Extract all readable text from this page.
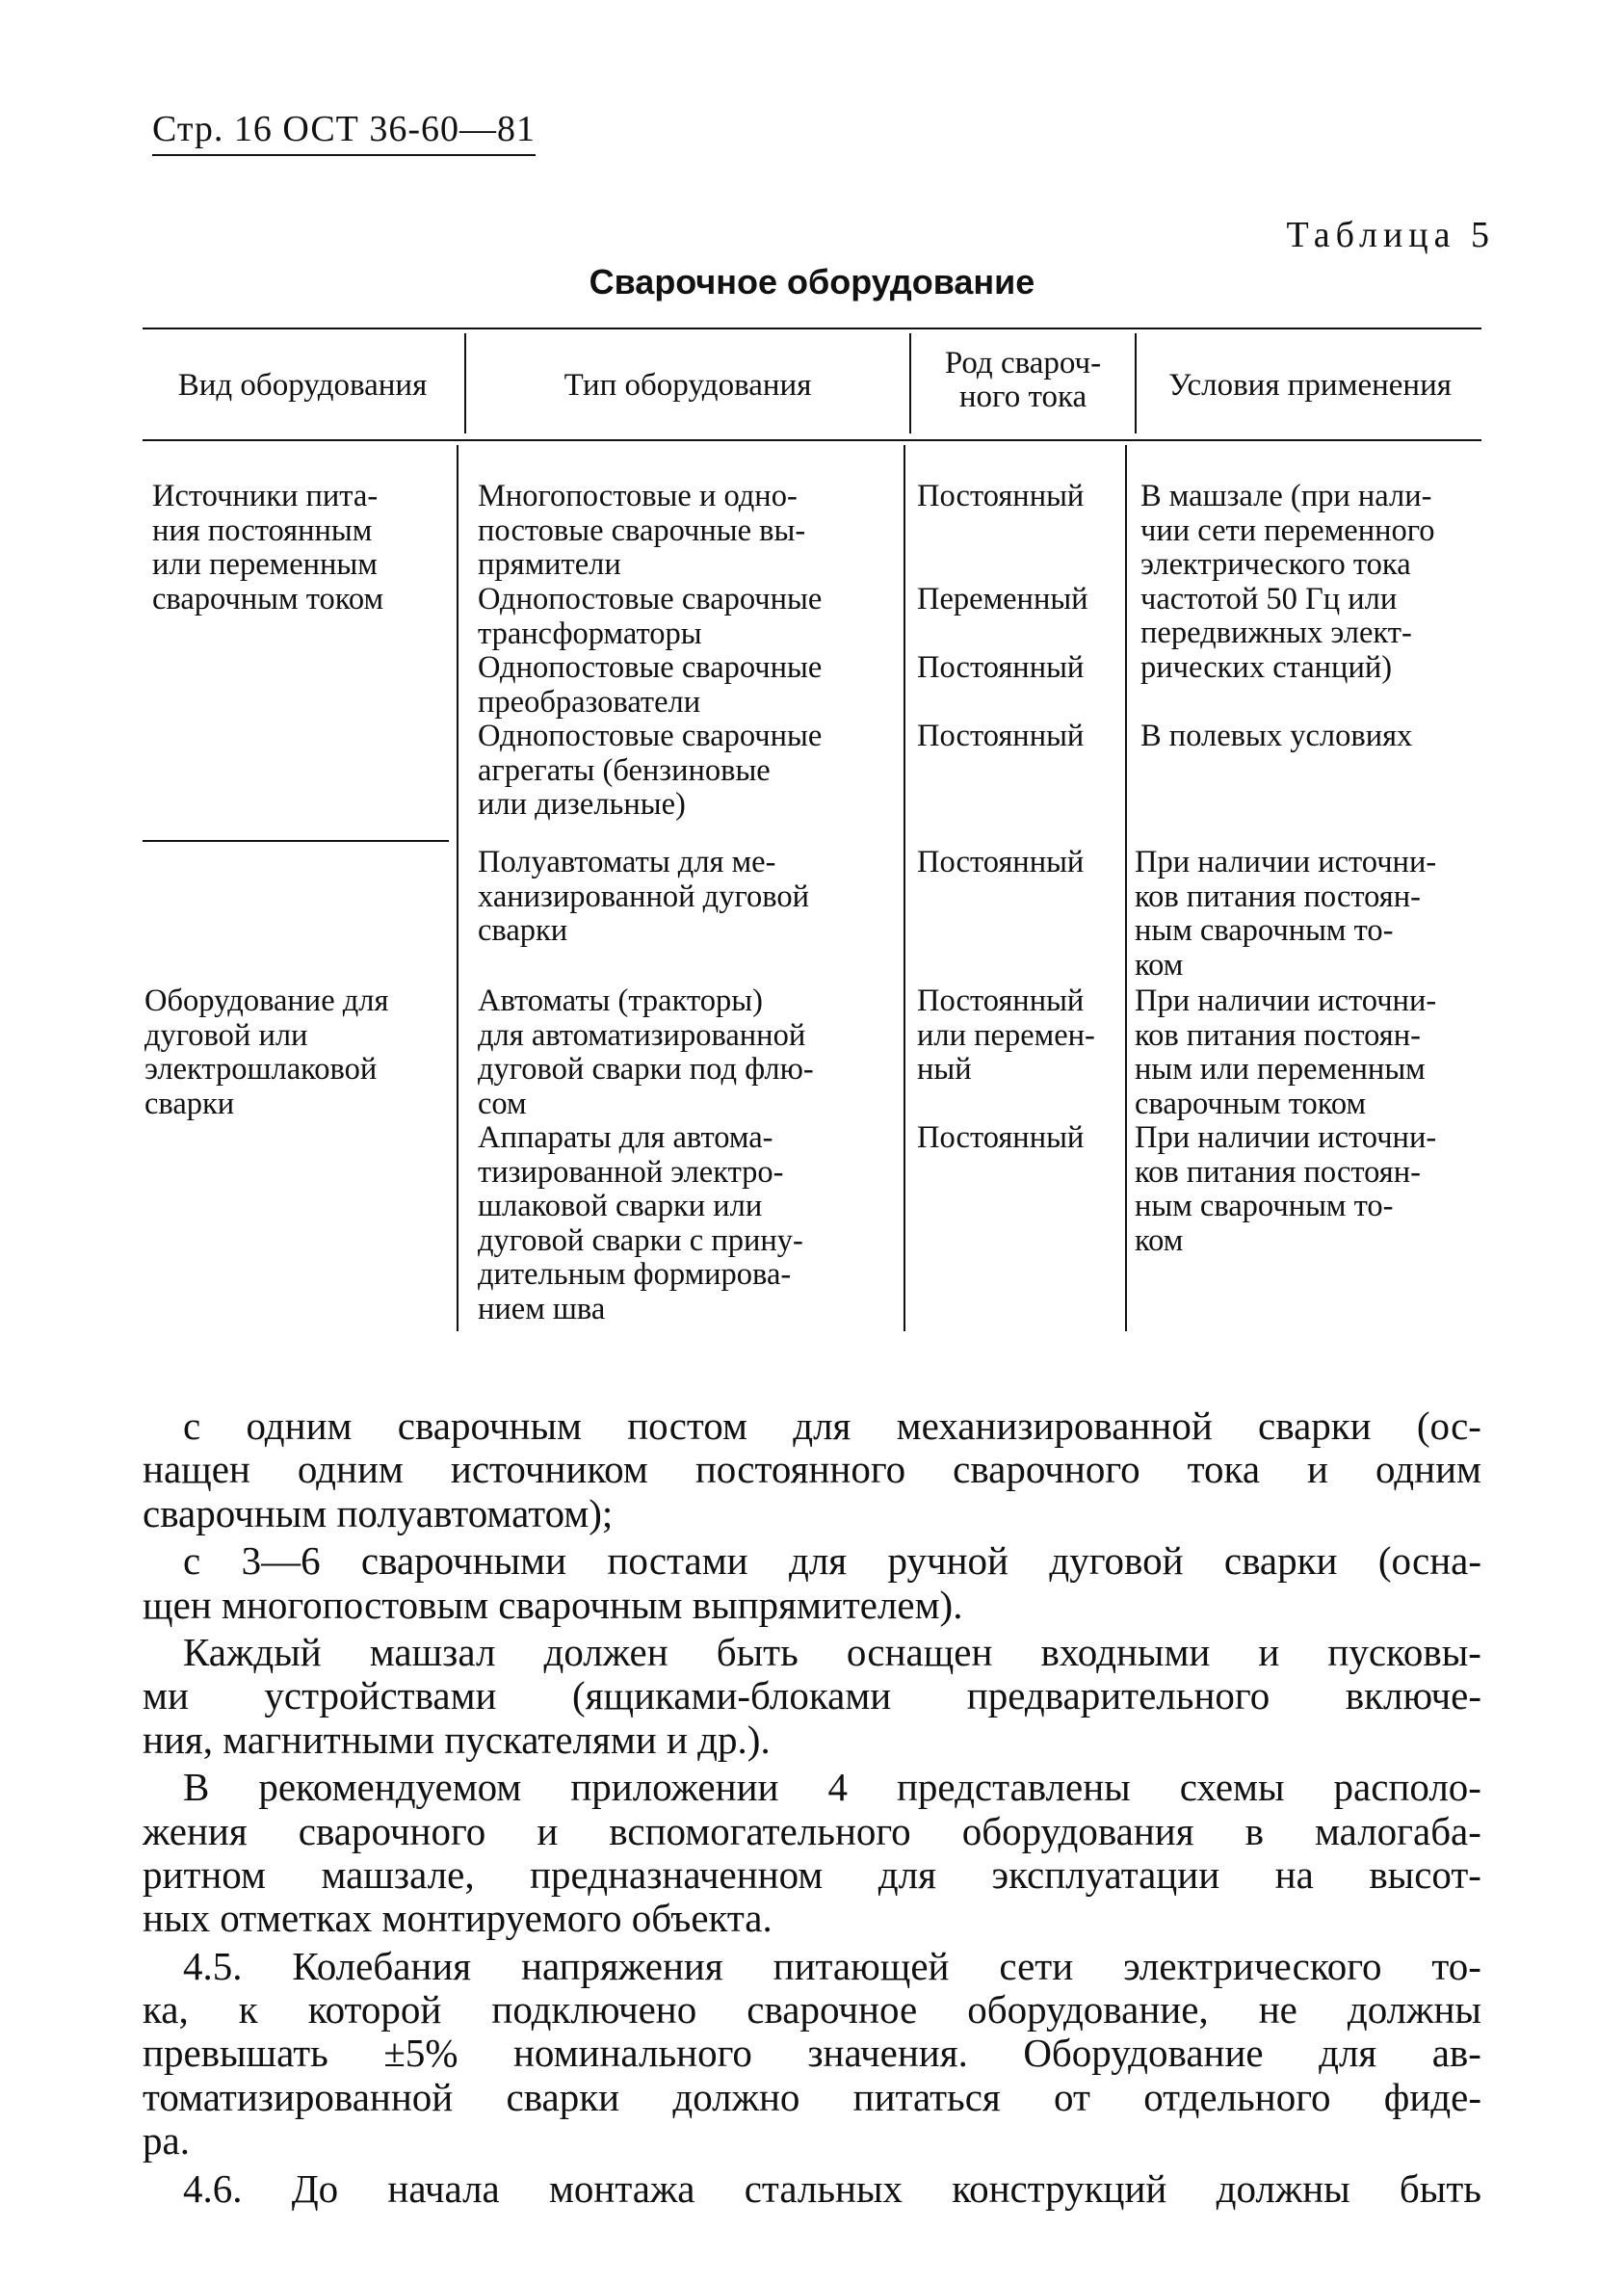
Стр. 16 ОСТ 36-60—81
Таблица 5
Сварочное оборудование
Вид оборудования	Тип оборудования
Род свароч-
ного тока	Условия применения
Источники пита-
ния постоянным
или переменным
сварочным током
Многопостовые и одно-
постовые сварочные вы-
прямители
Однопостовые сварочные
трансформаторы
Однопостовые сварочные
преобразователи
Однопостовые сварочные
агрегаты (бензиновые
или дизельные)
Постоянный
Переменный
Постоянный
Постоянный
В машзале (при нали-
чии сети переменного
электрического тока
частотой 50 Гц или
передвижных элект-
рических станций)
В полевых условиях
Оборудование для
дуговой или
электрошлаковой
сварки
Полуавтоматы для ме-
ханизированной дуговой
сварки
Автоматы (тракторы)
для автоматизированной
дуговой сварки под флю-
сом
Аппараты для автома-
тизированной электро-
шлаковой сварки или
дуговой сварки с прину-
дительным формирова-
нием шва
Постоянный
Постоянный
или перемен-
ный
Постоянный
При наличии источни-
ков питания постоян-
ным сварочным то-
ком
При наличии источни-
ков питания постоян-
ным или переменным
сварочным током
При наличии источни-
ков питания постоян-
ным сварочным то-
ком
с одним сварочным постом для механизированной сварки (ос-
нащен одним источником постоянного сварочного тока и одним
сварочным полуавтоматом);
с 3—6 сварочными постами для ручной дуговой сварки (осна-
щен многопостовым сварочным выпрямителем).
Каждый машзал должен быть оснащен входными и пусковы-
ми устройствами (ящиками-блоками предварительного включе-
ния, магнитными пускателями и др.).
В рекомендуемом приложении 4 представлены схемы располо-
жения сварочного и вспомогательного оборудования в малогаба-
ритном машзале, предназначенном для эксплуатации на высот-
ных отметках монтируемого объекта.
4.5. Колебания напряжения питающей сети электрического то-
ка, к которой подключено сварочное оборудование, не должны
превышать ±5% номинального значения. Оборудование для ав-
томатизированной сварки должно питаться от отдельного фиде-
ра.
4.6. До начала монтажа стальных конструкций должны быть
